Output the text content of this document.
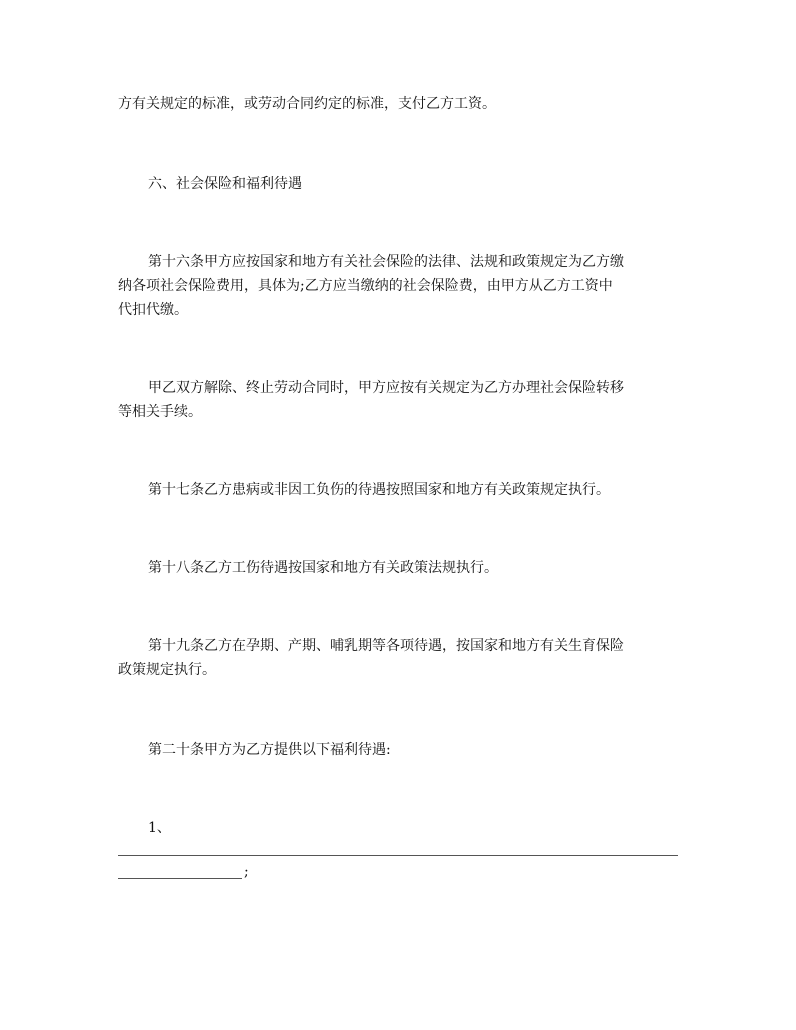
方有关规定的标准，或劳动合同约定的标准，支付乙方工资。

六、社会保险和福利待遇

第十六条甲方应按国家和地方有关社会保险的法律、法规和政策规定为乙方缴
纳各项社会保险费用，具体为;乙方应当缴纳的社会保险费，由甲方从乙方工资中
代扣代缴。

甲乙双方解除、终止劳动合同时，甲方应按有关规定为乙方办理社会保险转移
等相关手续。

第十七条乙方患病或非因工负伤的待遇按照国家和地方有关政策规定执行。

第十八条乙方工伤待遇按国家和地方有关政策法规执行。

第十九条乙方在孕期、产期、哺乳期等各项待遇，按国家和地方有关生育保险
政策规定执行。

第二十条甲方为乙方提供以下福利待遇:

1、

;
